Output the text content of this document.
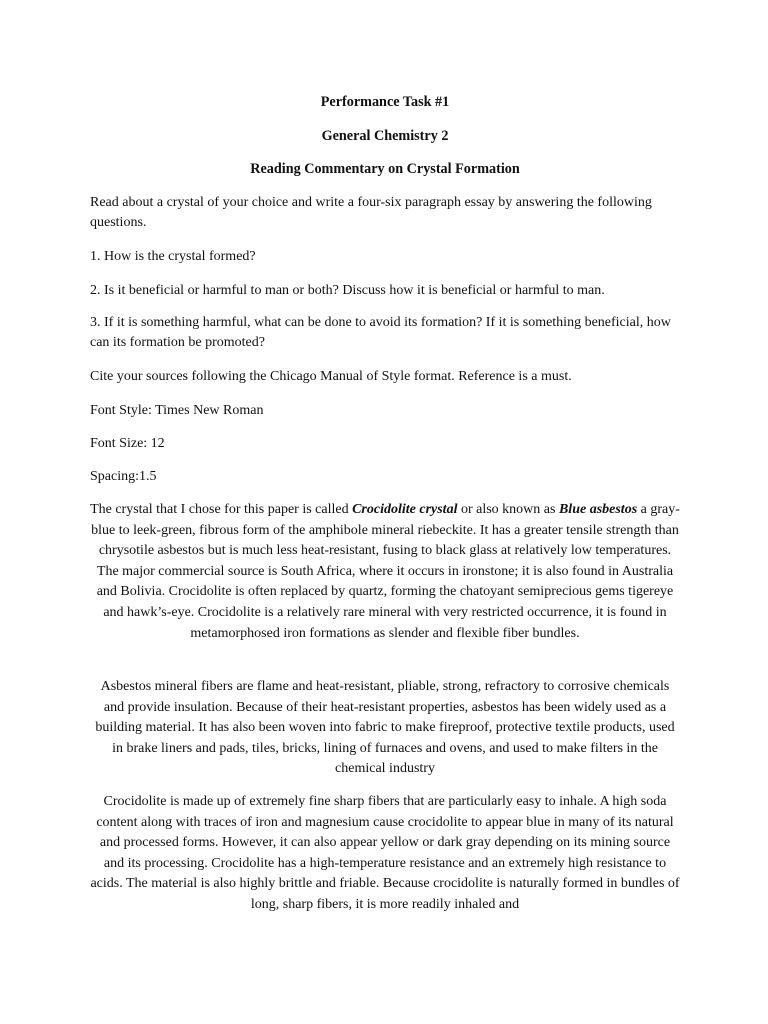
Performance Task #1

General Chemistry 2

Reading Commentary on Crystal Formation

Read about a crystal of your choice and write a four-six paragraph essay by answering the following questions.

1. How is the crystal formed?

2. Is it beneficial or harmful to man or both? Discuss how it is beneficial or harmful to man.

3. If it is something harmful, what can be done to avoid its formation? If it is something beneficial, how can its formation be promoted?

Cite your sources following the Chicago Manual of Style format. Reference is a must.

Font Style: Times New Roman

Font Size: 12

Spacing:1.5

The crystal that I chose for this paper is called Crocidolite crystal or also known as Blue asbestos a gray-blue to leek-green, fibrous form of the amphibole mineral riebeckite. It has a greater tensile strength than chrysotile asbestos but is much less heat-resistant, fusing to black glass at relatively low temperatures. The major commercial source is South Africa, where it occurs in ironstone; it is also found in Australia and Bolivia. Crocidolite is often replaced by quartz, forming the chatoyant semiprecious gems tigereye and hawk’s-eye. Crocidolite is a relatively rare mineral with very restricted occurrence, it is found in metamorphosed iron formations as slender and flexible fiber bundles.

Asbestos mineral fibers are flame and heat-resistant, pliable, strong, refractory to corrosive chemicals and provide insulation. Because of their heat-resistant properties, asbestos has been widely used as a building material. It has also been woven into fabric to make fireproof, protective textile products, used in brake liners and pads, tiles, bricks, lining of furnaces and ovens, and used to make filters in the chemical industry

Crocidolite is made up of extremely fine sharp fibers that are particularly easy to inhale. A high soda content along with traces of iron and magnesium cause crocidolite to appear blue in many of its natural and processed forms. However, it can also appear yellow or dark gray depending on its mining source and its processing. Crocidolite has a high-temperature resistance and an extremely high resistance to acids. The material is also highly brittle and friable. Because crocidolite is naturally formed in bundles of long, sharp fibers, it is more readily inhaled and
